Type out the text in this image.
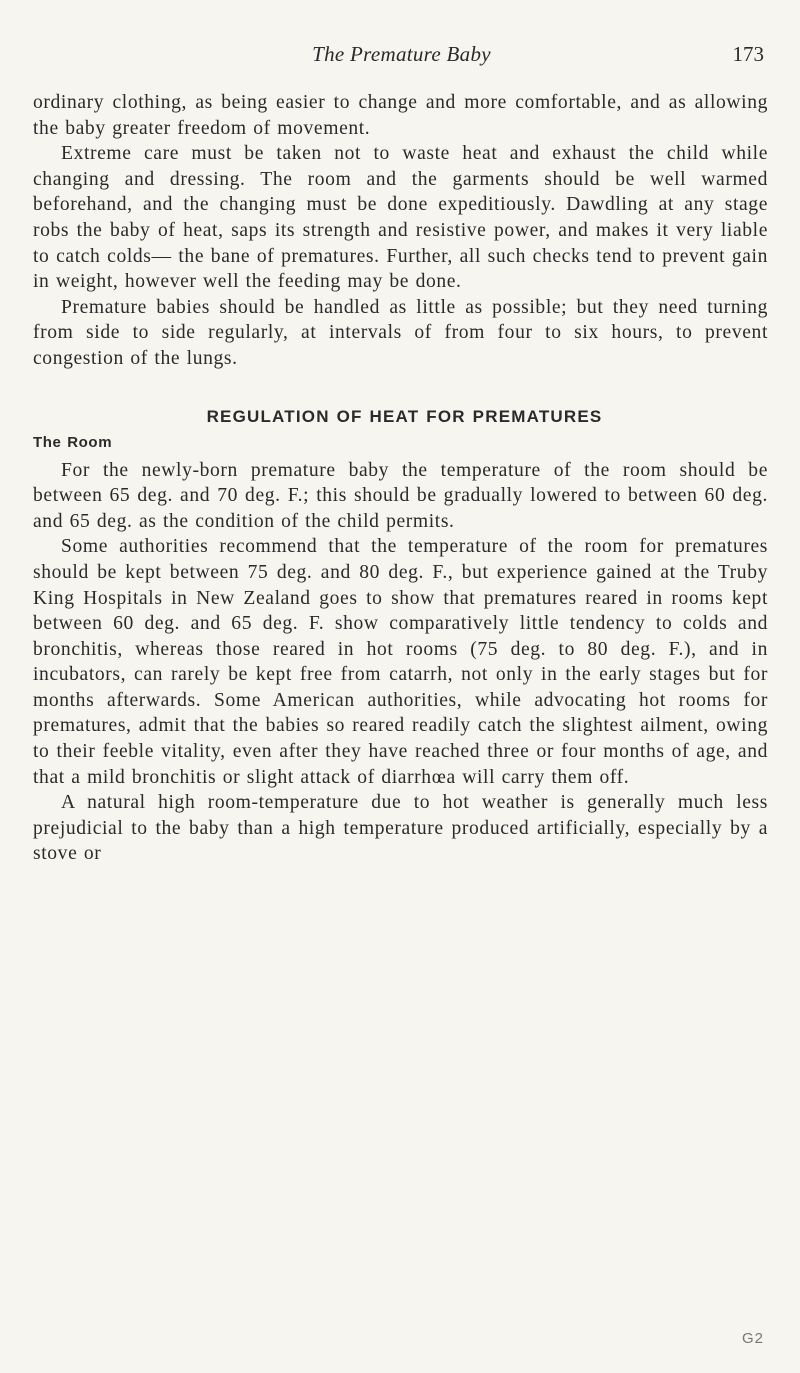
The Premature Baby	173

ordinary clothing, as being easier to change and more comfortable, and as allowing the baby greater freedom of movement.

Extreme care must be taken not to waste heat and exhaust the child while changing and dressing. The room and the garments should be well warmed beforehand, and the changing must be done expeditiously. Dawdling at any stage robs the baby of heat, saps its strength and resistive power, and makes it very liable to catch colds— the bane of prematures. Further, all such checks tend to prevent gain in weight, however well the feeding may be done.

Premature babies should be handled as little as possible; but they need turning from side to side regularly, at intervals of from four to six hours, to prevent congestion of the lungs.

REGULATION OF HEAT FOR PREMATURES
The Room

For the newly-born premature baby the temperature of the room should be between 65 deg. and 70 deg. F.; this should be gradually lowered to between 60 deg. and 65 deg. as the condition of the child permits.

Some authorities recommend that the temperature of the room for prematures should be kept between 75 deg. and 80 deg. F., but experience gained at the Truby King Hospitals in New Zealand goes to show that prematures reared in rooms kept between 60 deg. and 65 deg. F. show comparatively little tendency to colds and bronchitis, whereas those reared in hot rooms (75 deg. to 80 deg. F.), and in incubators, can rarely be kept free from catarrh, not only in the early stages but for months afterwards. Some American authorities, while advocating hot rooms for prematures, admit that the babies so reared readily catch the slightest ailment, owing to their feeble vitality, even after they have reached three or four months of age, and that a mild bronchitis or slight attack of diarrhœa will carry them off.

A natural high room-temperature due to hot weather is generally much less prejudicial to the baby than a high temperature produced artificially, especially by a stove or

G2
